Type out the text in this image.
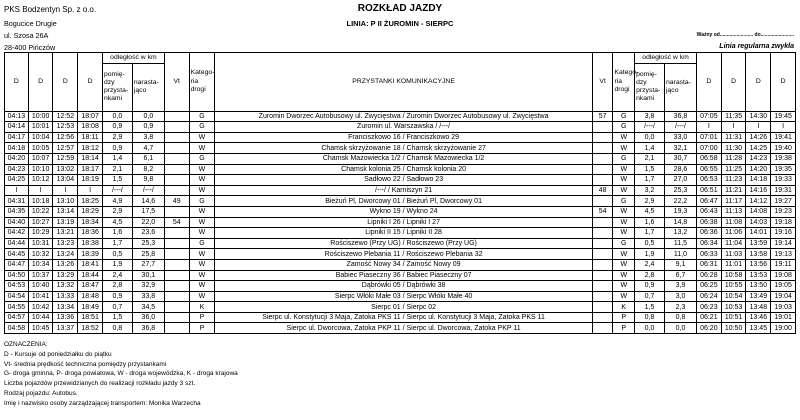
PKS Bodzentyn Sp. z o.o.
Bogucice Drugie
ul. Szosa 26A
28-400 Pińczów
ROZKŁAD JAZDY
LINIA: P II ŻUROMIN - SIERPC
Ważny od........................ do........................
Linia regularna zwykła
D	D	D	D	odległość w km		Vt	Katego-ria drogi	PRZYSTANKI KOMUNIKACYJNE	Vt	Katego-ria drogi	odległość w km		D	D	D	D
				pomię-dzy przysta-nkami	narasta-jąco						pomię-dzy przysta-nkami	narasta-jąco				
04:13	10:00	12:52	18:07	0,0	0,0		G	Żuromin Dworzec Autobusowy ul. Zwycięstwa / Żuromin Dworzec Autobusowy ul. Zwycięstwa	57	G	3,8	36,8	07:05	11:35	14:30	19:45
04:14	10:01	12:53	18:08	0,9	0,9		G	Żuromin ul. Warszawska / /---/		G	/---/	/---/	I	I	I	I
04:17	10:04	12:56	18:11	2,9	3,8		W	Franciszkowo 16 / Franciszkowo 29		W	0,0	33,0	07:01	11:31	14:26	19:41
04:18	10:05	12:57	18:12	0,9	4,7		W	Chamsk skrzyżowanie 18 / Chamsk skrzyżowanie 27		W	1,4	32,1	07:00	11:30	14:25	19:40
04:20	10:07	12:59	18:14	1,4	6,1		G	Chamsk Mazowiecka 1/2 / Chamsk Mazowiecka 1/2		G	2,1	30,7	06:58	11:28	14:23	19:38
04:23	10:10	13:02	18:17	2,1	8,2		W	Chamsk kolonia 25 / Chamsk kolonia 20		W	1,5	28,6	06:55	11:25	14:20	19:35
04:25	10:12	13:04	18:19	1,5	9,8		W	Sadłowo 22 / Sadłowo 23		W	1,7	27,0	06:53	11:23	14:18	19:33
I	I	I	I	/---/	/---/		W	/---/ / Karniszyn 21	48	W	3,2	25,3	06:51	11:21	14:16	19:31
04:31	10:18	13:10	18:25	4,9	14,6	49	G	Bieżuń Pl, Dworcowy 01 / Bieżuń Pl, Dworcowy 01		G	2,9	22,2	06:47	11:17	14:12	19:27
04:35	10:22	13:14	18:29	2,9	17,5		W	Wykno 19 / Wykno 24	54	W	4,5	19,3	06:43	11:13	14:08	19:23
04:40	10:27	13:19	18:34	4,5	22,0	54	W	Lipniki I 26 / Lipniki I 27		W	1,6	14,8	06:38	11:08	14:03	19:18
04:42	10:29	13:21	18:36	1,6	23,6		W	Lipniki II 15 / Lipniki II 28		W	1,7	13,2	06:36	11:06	14:01	19:16
04:44	10:31	13:23	18:38	1,7	25,3		G	Rościszewo (Przy UG) / Rościszewo (Przy UG)		G	0,5	11,5	06:34	11:04	13:59	19:14
04:45	10:32	13:24	18:39	0,5	25,8		W	Rościszewo Plebania 11 / Rościszewo Plebania 32		W	1,9	11,0	06:33	11:03	13:58	19:13
04:47	10:34	13:26	18:41	1,9	27,7		W	Zamość Nowy 34 / Zamość Nowy 09		W	2,4	9,1	06:31	11:01	13:56	19:11
04:50	10:37	13:29	18:44	2,4	30,1		W	Babiec Piaseczny 36 / Babiec Piaseczny 07		W	2,8	6,7	06:28	10:58	13:53	19:08
04:53	10:40	13:32	18:47	2,8	32,9		W	Dąbrówki 05 / Dąbrówki 38		W	0,9	3,9	06:25	10:55	13:50	19:05
04:54	10:41	13:33	18:48	0,9	33,8		W	Sierpc Włóki Małe 03 / Sierpc Włóki Małe 40		W	0,7	3,0	06:24	10:54	13:49	19:04
04:55	10:42	13:34	18:49	0,7	34,5		K	Sierpc 01 / Sierpc 02		K	1,5	2,3	06:23	10:53	13:48	19:03
04:57	10:44	13:36	18:51	1,5	36,0		P	Sierpc ul. Konstytucji 3 Maja, Zatoka PKS 11 / Sierpc ul. Konstytucji 3 Maja, Zatoka PKS 11		P	0,8	0,8	06:21	10:51	13:46	19:01
04:58	10:45	13:37	18:52	0,8	36,8		P	Sierpc ul. Dworcowa, Zatoka PKP 11 / Sierpc ul. Dworcowa, Zatoka PKP 11		P	0,0	0,0	06:20	10:50	13:45	19:00
OZNACZENIA:
D - Kursuje od poniedziałku do piątku
Vt- średnia prędkość techniczna pomiędzy przystankami
G- droga gminna, P- droga powiatowa, W - droga wojewódzka, K - droga krajowa
Liczba pojazdów przewidzianych do realizacji rozkładu jazdy 3 szt.
Rodzaj pojazdu: Autobus.
Imię i nazwisko osoby zarządzającej transportem: Monika Warzecha
